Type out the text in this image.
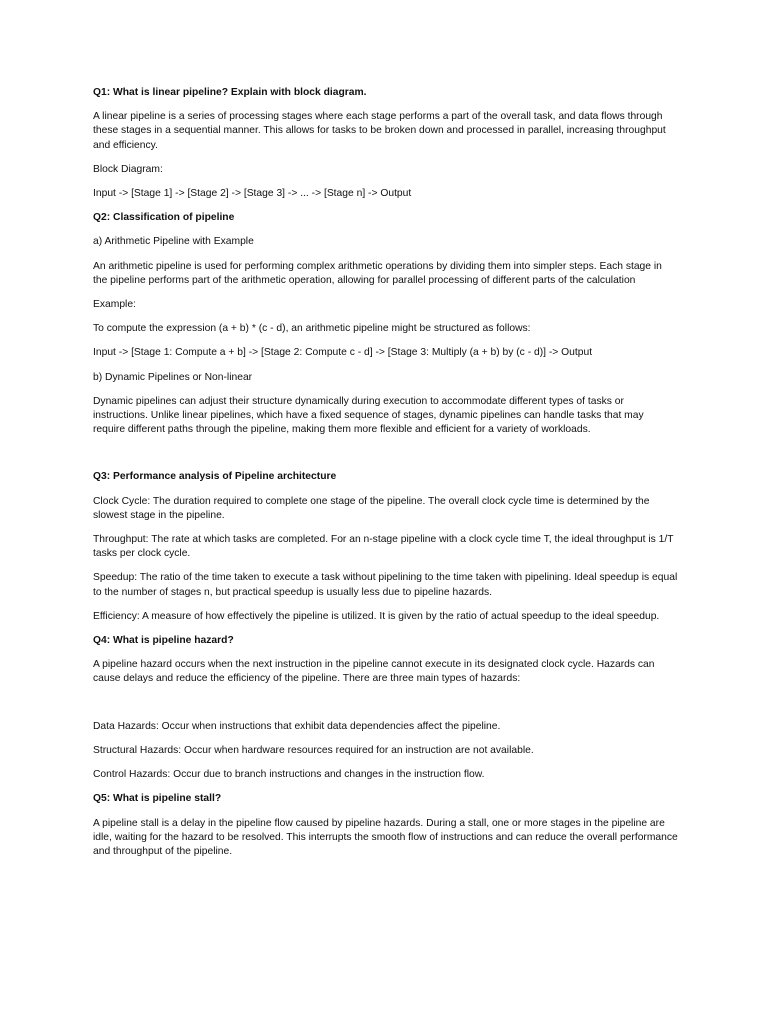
Q1: What is linear pipeline? Explain with block diagram.

A linear pipeline is a series of processing stages where each stage performs a part of the overall task, and data flows through these stages in a sequential manner. This allows for tasks to be broken down and processed in parallel, increasing throughput and efficiency.

Block Diagram:

Input -> [Stage 1] -> [Stage 2] -> [Stage 3] -> ... -> [Stage n] -> Output

Q2: Classification of pipeline

a) Arithmetic Pipeline with Example

An arithmetic pipeline is used for performing complex arithmetic operations by dividing them into simpler steps. Each stage in the pipeline performs part of the arithmetic operation, allowing for parallel processing of different parts of the calculation

Example:

To compute the expression (a + b) * (c - d), an arithmetic pipeline might be structured as follows:

Input -> [Stage 1: Compute a + b] -> [Stage 2: Compute c - d] -> [Stage 3: Multiply (a + b) by (c - d)] -> Output

b) Dynamic Pipelines or Non-linear

Dynamic pipelines can adjust their structure dynamically during execution to accommodate different types of tasks or instructions. Unlike linear pipelines, which have a fixed sequence of stages, dynamic pipelines can handle tasks that may require different paths through the pipeline, making them more flexible and efficient for a variety of workloads.

Q3: Performance analysis of Pipeline architecture

Clock Cycle: The duration required to complete one stage of the pipeline. The overall clock cycle time is determined by the slowest stage in the pipeline.

Throughput: The rate at which tasks are completed. For an n-stage pipeline with a clock cycle time T, the ideal throughput is 1/T tasks per clock cycle.

Speedup: The ratio of the time taken to execute a task without pipelining to the time taken with pipelining. Ideal speedup is equal to the number of stages n, but practical speedup is usually less due to pipeline hazards.

Efficiency: A measure of how effectively the pipeline is utilized. It is given by the ratio of actual speedup to the ideal speedup.

Q4: What is pipeline hazard?

A pipeline hazard occurs when the next instruction in the pipeline cannot execute in its designated clock cycle. Hazards can cause delays and reduce the efficiency of the pipeline. There are three main types of hazards:

Data Hazards: Occur when instructions that exhibit data dependencies affect the pipeline.

Structural Hazards: Occur when hardware resources required for an instruction are not available.

Control Hazards: Occur due to branch instructions and changes in the instruction flow.

Q5: What is pipeline stall?

A pipeline stall is a delay in the pipeline flow caused by pipeline hazards. During a stall, one or more stages in the pipeline are idle, waiting for the hazard to be resolved. This interrupts the smooth flow of instructions and can reduce the overall performance and throughput of the pipeline.
